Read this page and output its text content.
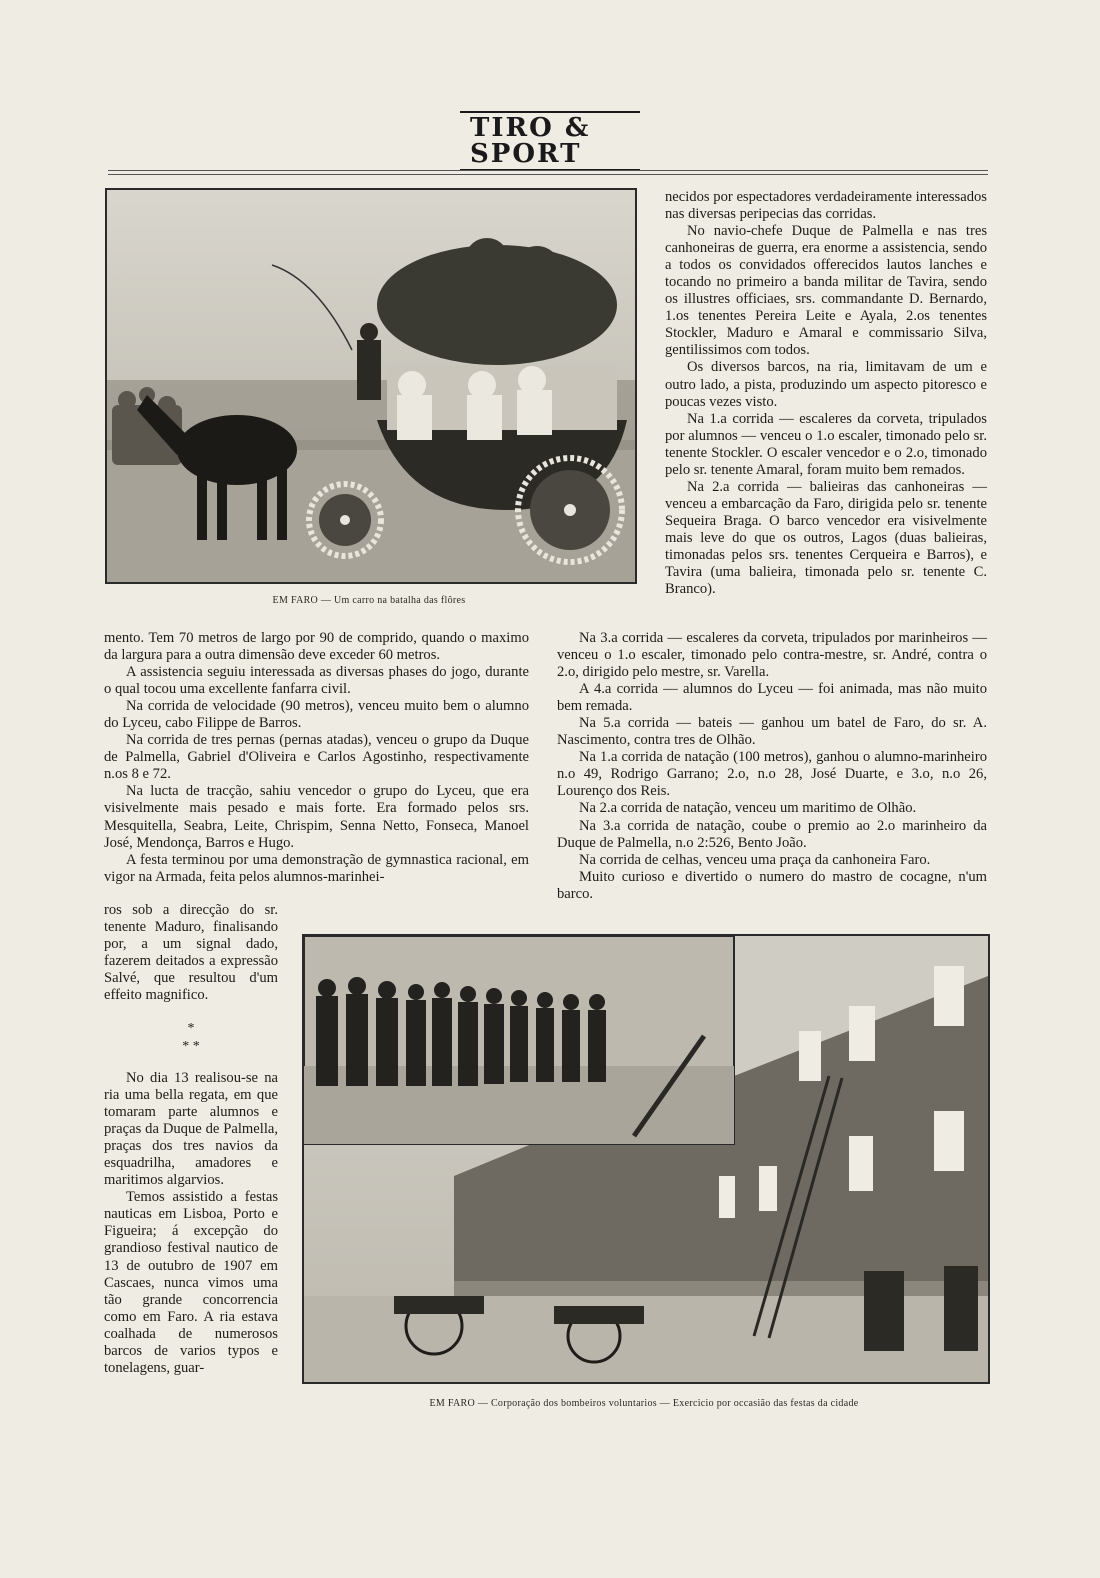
TIRO & SPORT
EM FARO — Um carro na batalha das flôres

necidos por espectadores verdadeiramente interessados nas diversas peripecias das corridas.

No navio-chefe Duque de Palmella e nas tres canhoneiras de guerra, era enorme a assistencia, sendo a todos os convidados offerecidos lautos lanches e tocando no primeiro a banda militar de Tavira, sendo os illustres officiaes, srs. commandante D. Bernardo, 1.os tenentes Pereira Leite e Ayala, 2.os tenentes Stockler, Maduro e Amaral e commissario Silva, gentilissimos com todos.

Os diversos barcos, na ria, limitavam de um e outro lado, a pista, produzindo um aspecto pitoresco e poucas vezes visto.

Na 1.a corrida — escaleres da corveta, tripulados por alumnos — venceu o 1.o escaler, timonado pelo sr. tenente Stockler. O escaler vencedor e o 2.o, timonado pelo sr. tenente Amaral, foram muito bem remados.

Na 2.a corrida — balieiras das canhoneiras — venceu a embarcação da Faro, dirigida pelo sr. tenente Sequeira Braga. O barco vencedor era visivelmente mais leve do que os outros, Lagos (duas balieiras, timonadas pelos srs. tenentes Cerqueira e Barros), e Tavira (uma balieira, timonada pelo sr. tenente C. Branco).

mento. Tem 70 metros de largo por 90 de comprido, quando o maximo da largura para a outra dimensão deve exceder 60 metros.

A assistencia seguiu interessada as diversas phases do jogo, durante o qual tocou uma excellente fanfarra civil.

Na corrida de velocidade (90 metros), venceu muito bem o alumno do Lyceu, cabo Filippe de Barros.

Na corrida de tres pernas (pernas atadas), venceu o grupo da Duque de Palmella, Gabriel d'Oliveira e Carlos Agostinho, respectivamente n.os 8 e 72.

Na lucta de tracção, sahiu vencedor o grupo do Lyceu, que era visivelmente mais pesado e mais forte. Era formado pelos srs. Mesquitella, Seabra, Leite, Chrispim, Senna Netto, Fonseca, Manoel José, Mendonça, Barros e Hugo.

A festa terminou por uma demonstração de gymnastica racional, em vigor na Armada, feita pelos alumnos-marinhei-

Na 3.a corrida — escaleres da corveta, tripulados por marinheiros — venceu o 1.o escaler, timonado pelo contra-mestre, sr. André, contra o 2.o, dirigido pelo mestre, sr. Varella.

A 4.a corrida — alumnos do Lyceu — foi animada, mas não muito bem remada.

Na 5.a corrida — bateis — ganhou um batel de Faro, do sr. A. Nascimento, contra tres de Olhão.

Na 1.a corrida de natação (100 metros), ganhou o alumno-marinheiro n.o 49, Rodrigo Garrano; 2.o, n.o 28, José Duarte, e 3.o, n.o 26, Lourenço dos Reis.

Na 2.a corrida de natação, venceu um maritimo de Olhão.

Na 3.a corrida de natação, coube o premio ao 2.o marinheiro da Duque de Palmella, n.o 2:526, Bento João.

Na corrida de celhas, venceu uma praça da canhoneira Faro.

Muito curioso e divertido o numero do mastro de cocagne, n'um barco.

ros sob a direcção do sr. tenente Maduro, finalisando por, a um signal dado, fazerem deitados a expressão Salvé, que resultou d'um effeito magnifico.

*
* *

No dia 13 realisou-se na ria uma bella regata, em que tomaram parte alumnos e praças da Duque de Palmella, praças dos tres navios da esquadrilha, amadores e maritimos algarvios.

Temos assistido a festas nauticas em Lisboa, Porto e Figueira; á excepção do grandioso festival nautico de 13 de outubro de 1907 em Cascaes, nunca vimos uma tão grande concorrencia como em Faro. A ria estava coalhada de numerosos barcos de varios typos e tonelagens, guar-

EM FARO — Corporação dos bombeiros voluntarios — Exercicio por occasião das festas da cidade
